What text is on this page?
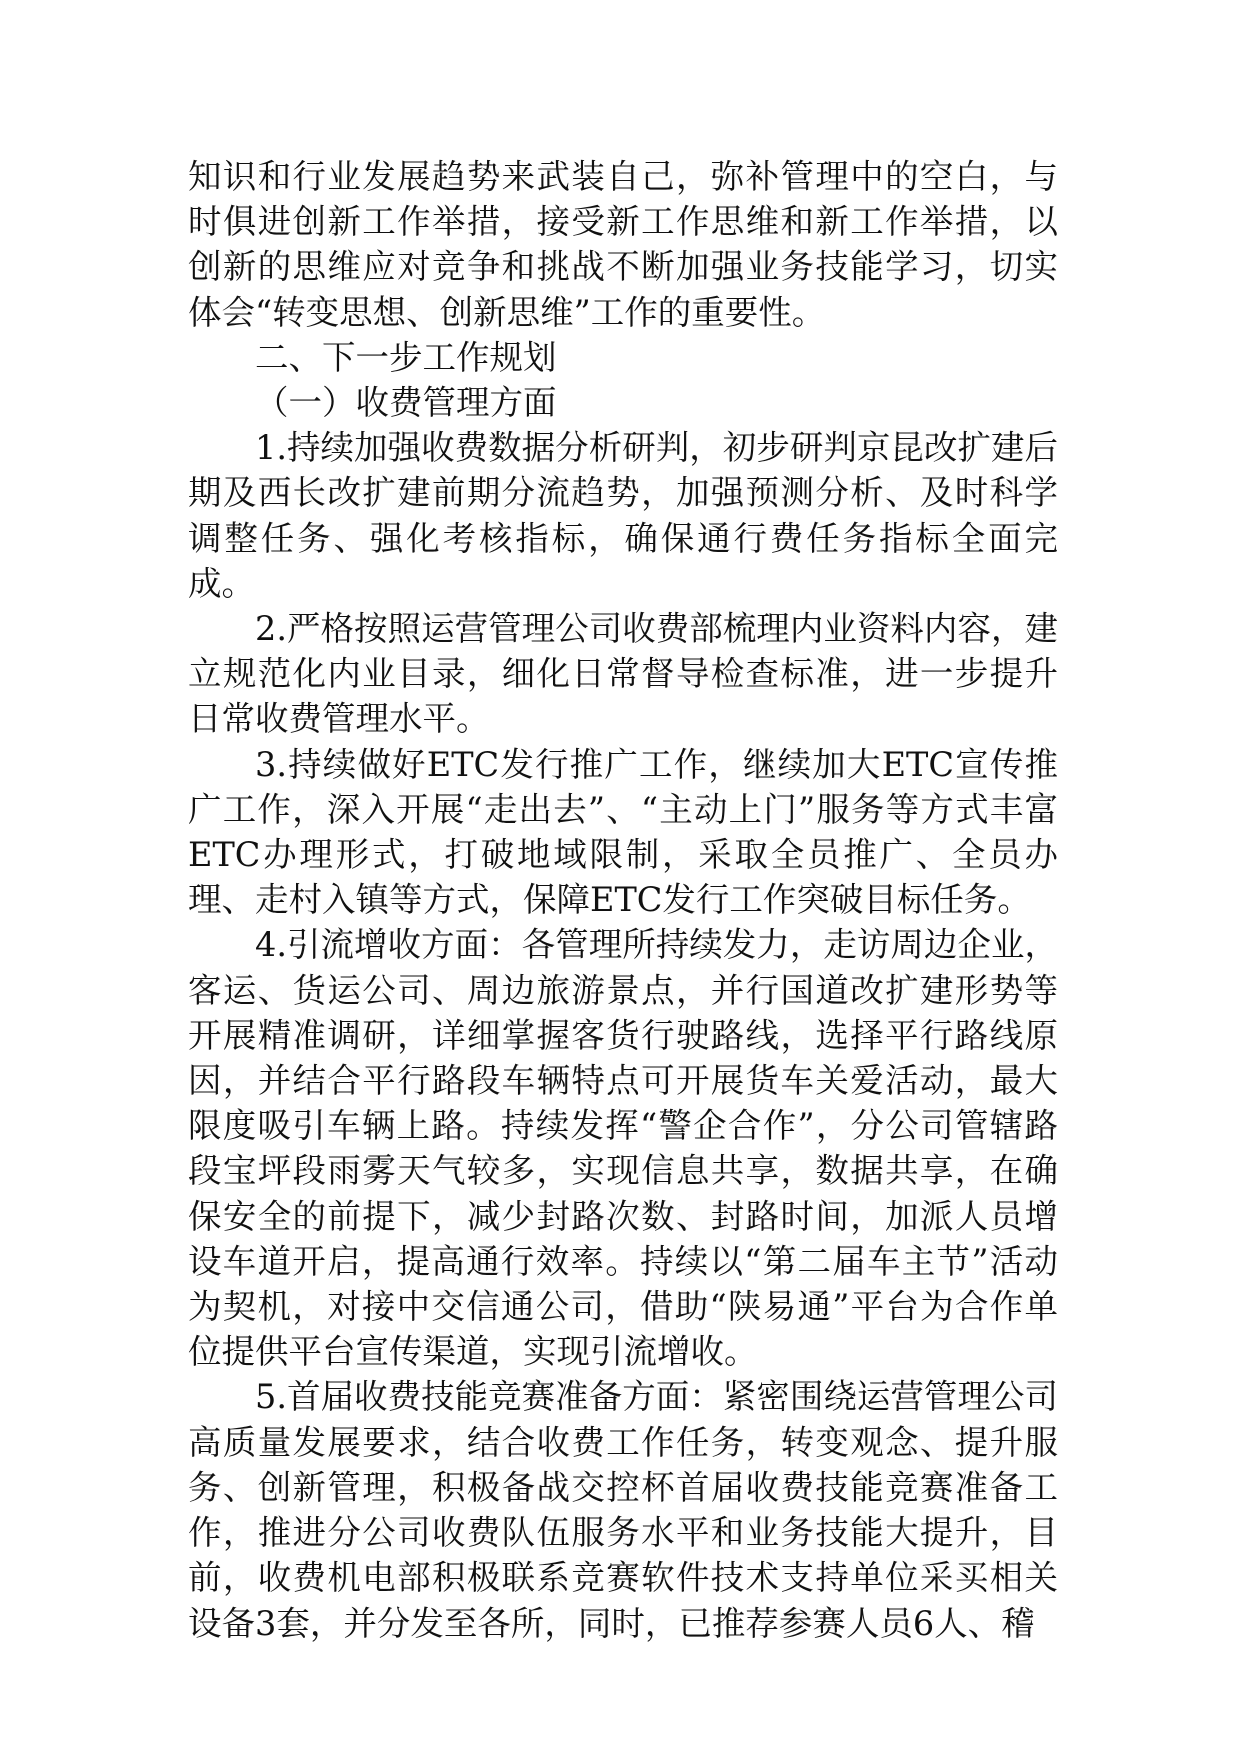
知识和行业发展趋势来武装自己，弥补管理中的空白，与时俱进创新工作举措，接受新工作思维和新工作举措，以创新的思维应对竞争和挑战不断加强业务技能学习，切实体会“转变思想、创新思维”工作的重要性。

二、下一步工作规划

（一）收费管理方面

1.持续加强收费数据分析研判，初步研判京昆改扩建后期及西长改扩建前期分流趋势，加强预测分析、及时科学调整任务、强化考核指标，确保通行费任务指标全面完成。

2.严格按照运营管理公司收费部梳理内业资料内容，建立规范化内业目录，细化日常督导检查标准，进一步提升日常收费管理水平。

3.持续做好ETC发行推广工作，继续加大ETC宣传推广工作，深入开展“走出去”、“主动上门”服务等方式丰富ETC办理形式，打破地域限制，采取全员推广、全员办理、走村入镇等方式，保障ETC发行工作突破目标任务。

4.引流增收方面：各管理所持续发力，走访周边企业，客运、货运公司、周边旅游景点，并行国道改扩建形势等开展精准调研，详细掌握客货行驶路线，选择平行路线原因，并结合平行路段车辆特点可开展货车关爱活动，最大限度吸引车辆上路。持续发挥“警企合作”，分公司管辖路段宝坪段雨雾天气较多，实现信息共享，数据共享，在确保安全的前提下，减少封路次数、封路时间，加派人员增设车道开启，提高通行效率。持续以“第二届车主节”活动为契机，对接中交信通公司，借助“陕易通”平台为合作单位提供平台宣传渠道，实现引流增收。

5.首届收费技能竞赛准备方面：紧密围绕运营管理公司高质量发展要求，结合收费工作任务，转变观念、提升服务、创新管理，积极备战交控杯首届收费技能竞赛准备工作，推进分公司收费队伍服务水平和业务技能大提升，目前，收费机电部积极联系竞赛软件技术支持单位采买相关设备3套，并分发至各所，同时，已推荐参赛人员6人、稽
